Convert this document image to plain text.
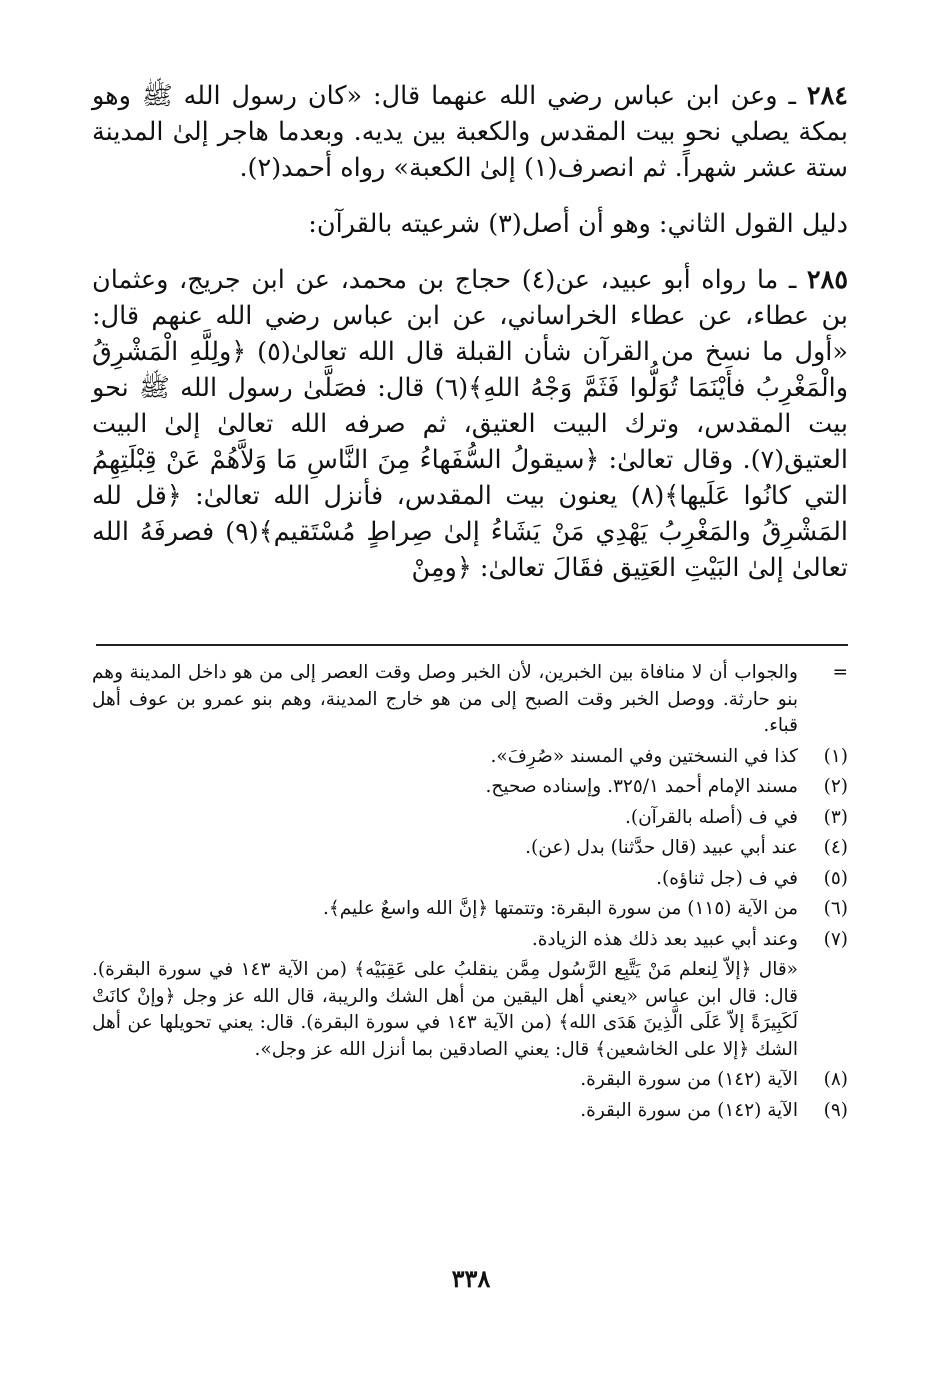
٢٨٤ ـ وعن ابن عباس رضي الله عنهما قال: «كان رسول الله ﷺ وهو بمكة يصلي نحو بيت المقدس والكعبة بين يديه. وبعدما هاجر إلىٰ المدينة ستة عشر شهراً. ثم انصرف(١) إلىٰ الكعبة» رواه أحمد(٢).

دليل القول الثاني: وهو أن أصل(٣) شرعيته بالقرآن:

٢٨٥ ـ ما رواه أبو عبيد، عن(٤) حجاج بن محمد، عن ابن جريج، وعثمان بن عطاء، عن عطاء الخراساني، عن ابن عباس رضي الله عنهم قال: «أول ما نسخ من القرآن شأن القبلة قال الله تعالىٰ(٥) ﴿ولِلَّهِ الْمَشْرِقُ والْمَغْرِبُ فأَيْنَمَا تُوَلُّوا فَثَمَّ وَجْهُ اللهِ﴾(٦) قال: فصَلَّىٰ رسول الله ﷺ نحو بيت المقدس، وترك البيت العتيق، ثم صرفه الله تعالىٰ إلىٰ البيت العتيق(٧). وقال تعالىٰ: ﴿سيقولُ السُّفَهاءُ مِنَ النَّاسِ مَا وَلاَّهُمْ عَنْ قِبْلَتِهِمُ التي كانُوا عَلَيها﴾(٨) يعنون بيت المقدس، فأنزل الله تعالىٰ: ﴿قل لله المَشْرِقُ والمَغْرِبُ يَهْدِي مَنْ يَشَاءُ إلىٰ صِراطٍ مُسْتَقيم﴾(٩) فصرفَهُ الله تعالىٰ إلىٰ البَيْتِ العَتِيق فقَالَ تعالىٰ: ﴿ومِنْ

=
والجواب أن لا منافاة بين الخبرين، لأن الخبر وصل وقت العصر إلى من هو داخل المدينة وهم بنو حارثة. ووصل الخبر وقت الصبح إلى من هو خارج المدينة، وهم بنو عمرو بن عوف أهل قباء.
(١)
كذا في النسختين وفي المسند «صُرِفَ».
(٢)
مسند الإمام أحمد ٣٢٥/١. وإسناده صحيح.
(٣)
في ف (أصله بالقرآن).
(٤)
عند أبي عبيد (قال حدَّثنا) بدل (عن).
(٥)
في ف (جل ثناؤه).
(٦)
من الآية (١١٥) من سورة البقرة: وتتمتها ﴿إنَّ الله واسعٌ عليم﴾.
(٧)
وعند أبي عبيد بعد ذلك هذه الزيادة.

«قال ﴿إلاّ لِنعلم مَنْ يَتَّبِع الرَّسُول مِمَّن ينقلبُ على عَقِبَيْه﴾ (من الآية ١٤٣ في سورة البقرة). قال: قال ابن عباس «يعني أهل اليقين من أهل الشك والريبة، قال الله عز وجل ﴿وإنْ كانَتْ لَكَبِيرَةً إلاّ عَلَى الَّذِينَ هَدَى الله﴾ (من الآية ١٤٣ في سورة البقرة). قال: يعني تحويلها عن أهل الشك ﴿إلا على الخاشعين﴾ قال: يعني الصادقين بما أنزل الله عز وجل».

(٨)
الآية (١٤٢) من سورة البقرة.
(٩)
الآية (١٤٢) من سورة البقرة.
٣٣٨
